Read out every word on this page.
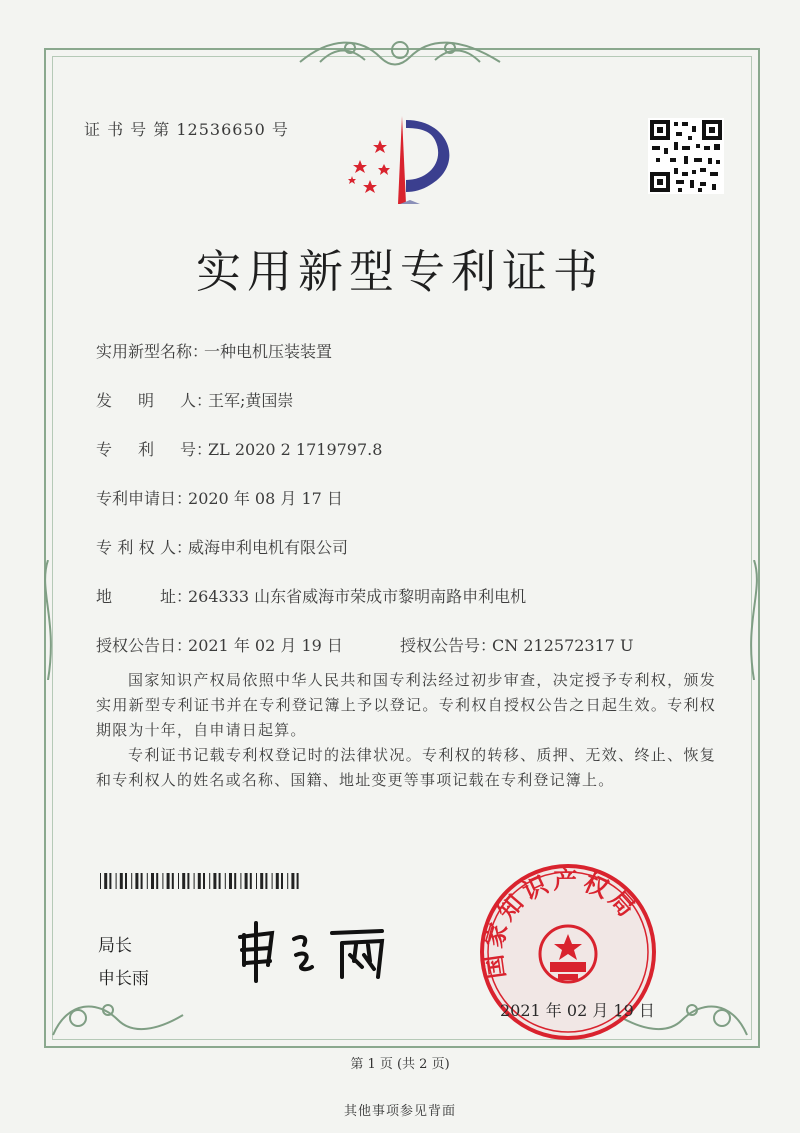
证 书 号 第 12536650 号
实用新型专利证书
实用新型名称：一种电机压装装置
发 明 人 ：王军;黄国崇
专 利 号 ：ZL 2020 2 1719797.8
专利申请日：2020 年 08 月 17 日
专 利 权 人 ：威海申利电机有限公司
地	址 ：264333 山东省威海市荣成市黎明南路申利电机
授权公告日：2021 年 02 月 19 日	授权公告号：CN 212572317 U

国家知识产权局依照中华人民共和国专利法经过初步审查，决定授予专利权，颁发实用新型专利证书并在专利登记簿上予以登记。专利权自授权公告之日起生效。专利权期限为十年，自申请日起算。

专利证书记载专利权登记时的法律状况。专利权的转移、质押、无效、终止、恢复和专利权人的姓名或名称、国籍、地址变更等事项记载在专利登记簿上。

局长
申长雨	国家知识产权局
2021 年 02 月 19 日
第 1 页 (共 2 页)
其他事项参见背面
